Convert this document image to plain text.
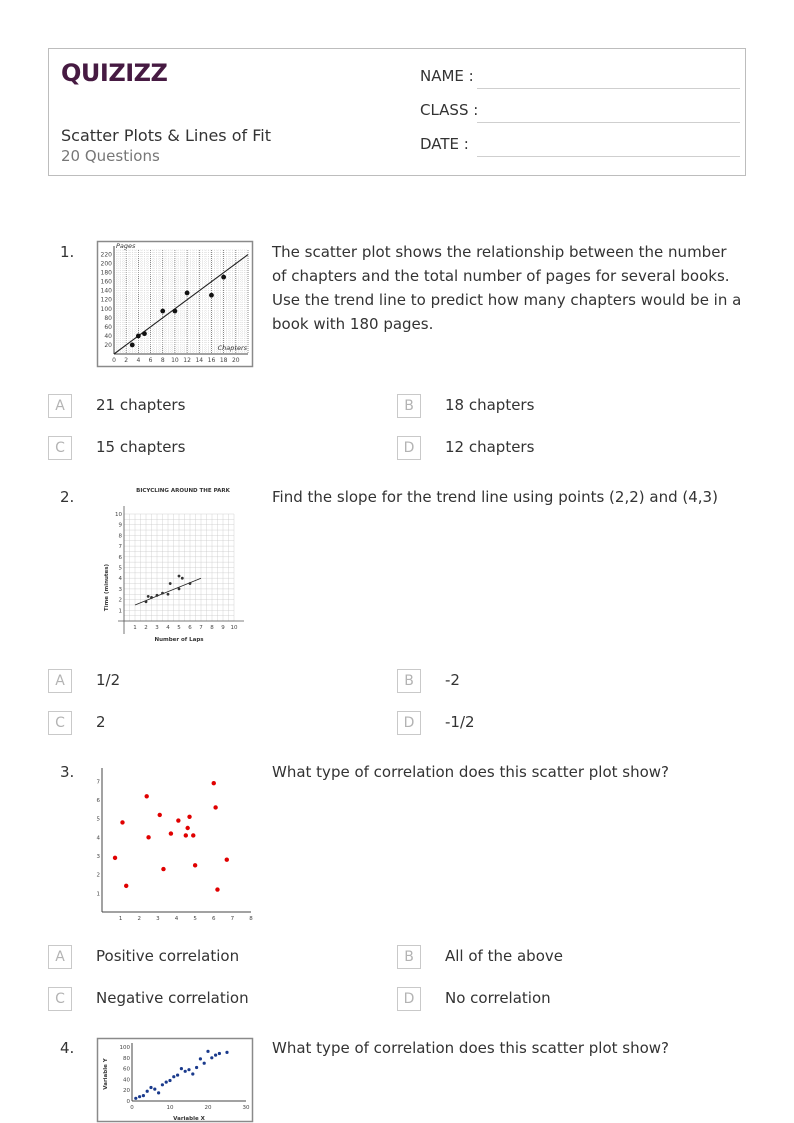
QUIZIZZ
Scatter Plots & Lines of Fit
20 Questions
NAME :
CLASS :
DATE :
1.
0 2 4 6 8 10 12 14 16 18 20
20
40
60
80
100
120
140
160
180
200
220
Pages
Chapters
The scatter plot shows the relationship between the number of chapters and the total number of pages for several books. Use the trend line to predict how many chapters would be in a book with 180 pages.
A	21 chapters	B	18 chapters
C	15 chapters	D	12 chapters
2.
1 2 3 4 5 6 7 8 9 10
1
2
3
4
5
6
7
8
9
10
BICYCLING AROUND THE PARK
Number of Laps
Time (minutes)
Find the slope for the trend line using points (2,2) and (4,3)
A	1/2	B	-2
C	2	D	-1/2
3.
1	2	3	4	5	6	7	8
1
2
3
4
5
6
7
What type of correlation does this scatter plot show?
A	Positive correlation	B	All of the above
C	Negative correlation	D	No correlation
4.
0	10	20	30
0
20
40
60
80
100
Variable X
Variable Y
What type of correlation does this scatter plot show?
